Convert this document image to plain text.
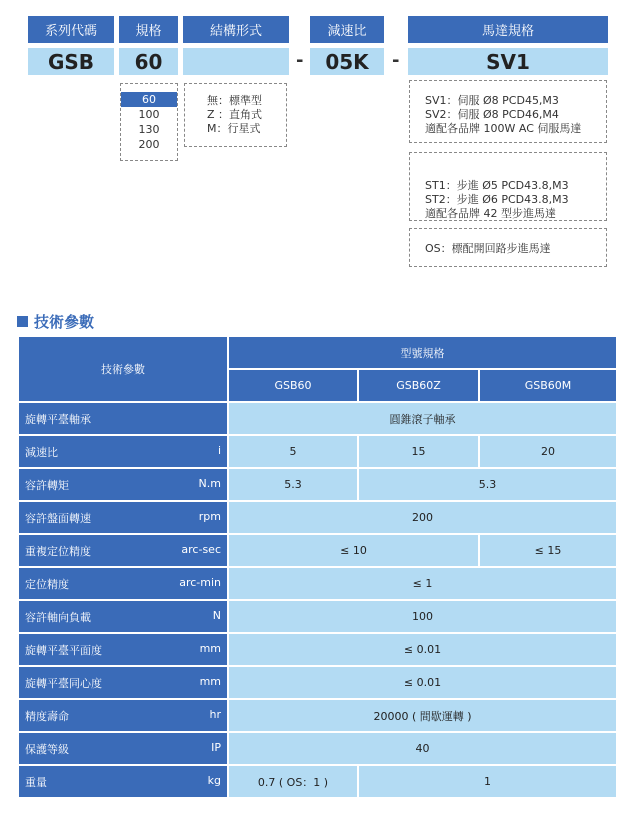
系列代碼	規格	結構形式	減速比	馬達規格
GSB	60	-	05K	-	SV1
60
100
130
200
無：標準型
Z ：直角式
M：行星式
SV1：伺服 Ø8 PCD45,M3
SV2：伺服 Ø8 PCD46,M4
適配各品牌 100W AC 伺服馬達
ST1：步進 Ø5 PCD43.8,M3
ST2：步進 Ø6 PCD43.8,M3
適配各品牌 42 型步進馬達
OS：標配開回路步進馬達
技術參數
技術參數	型號規格		
	GSB60	GSB60Z	GSB60M
旋轉平臺軸承	圓錐滾子軸承		
減速比 i	5	15	20
容許轉矩 N.m	5.3	5.3	
容許盤面轉速 rpm	200		
重複定位精度 arc-sec	≤ 10		≤ 15
定位精度 arc-min	≤ 1		
容許軸向負載 N	100		
旋轉平臺平面度 mm	≤ 0.01		
旋轉平臺同心度 mm	≤ 0.01		
精度壽命 hr	20000 ( 間歇運轉 )		
保護等級 IP	40		
重量 kg	0.7 ( OS：1 )	1	
